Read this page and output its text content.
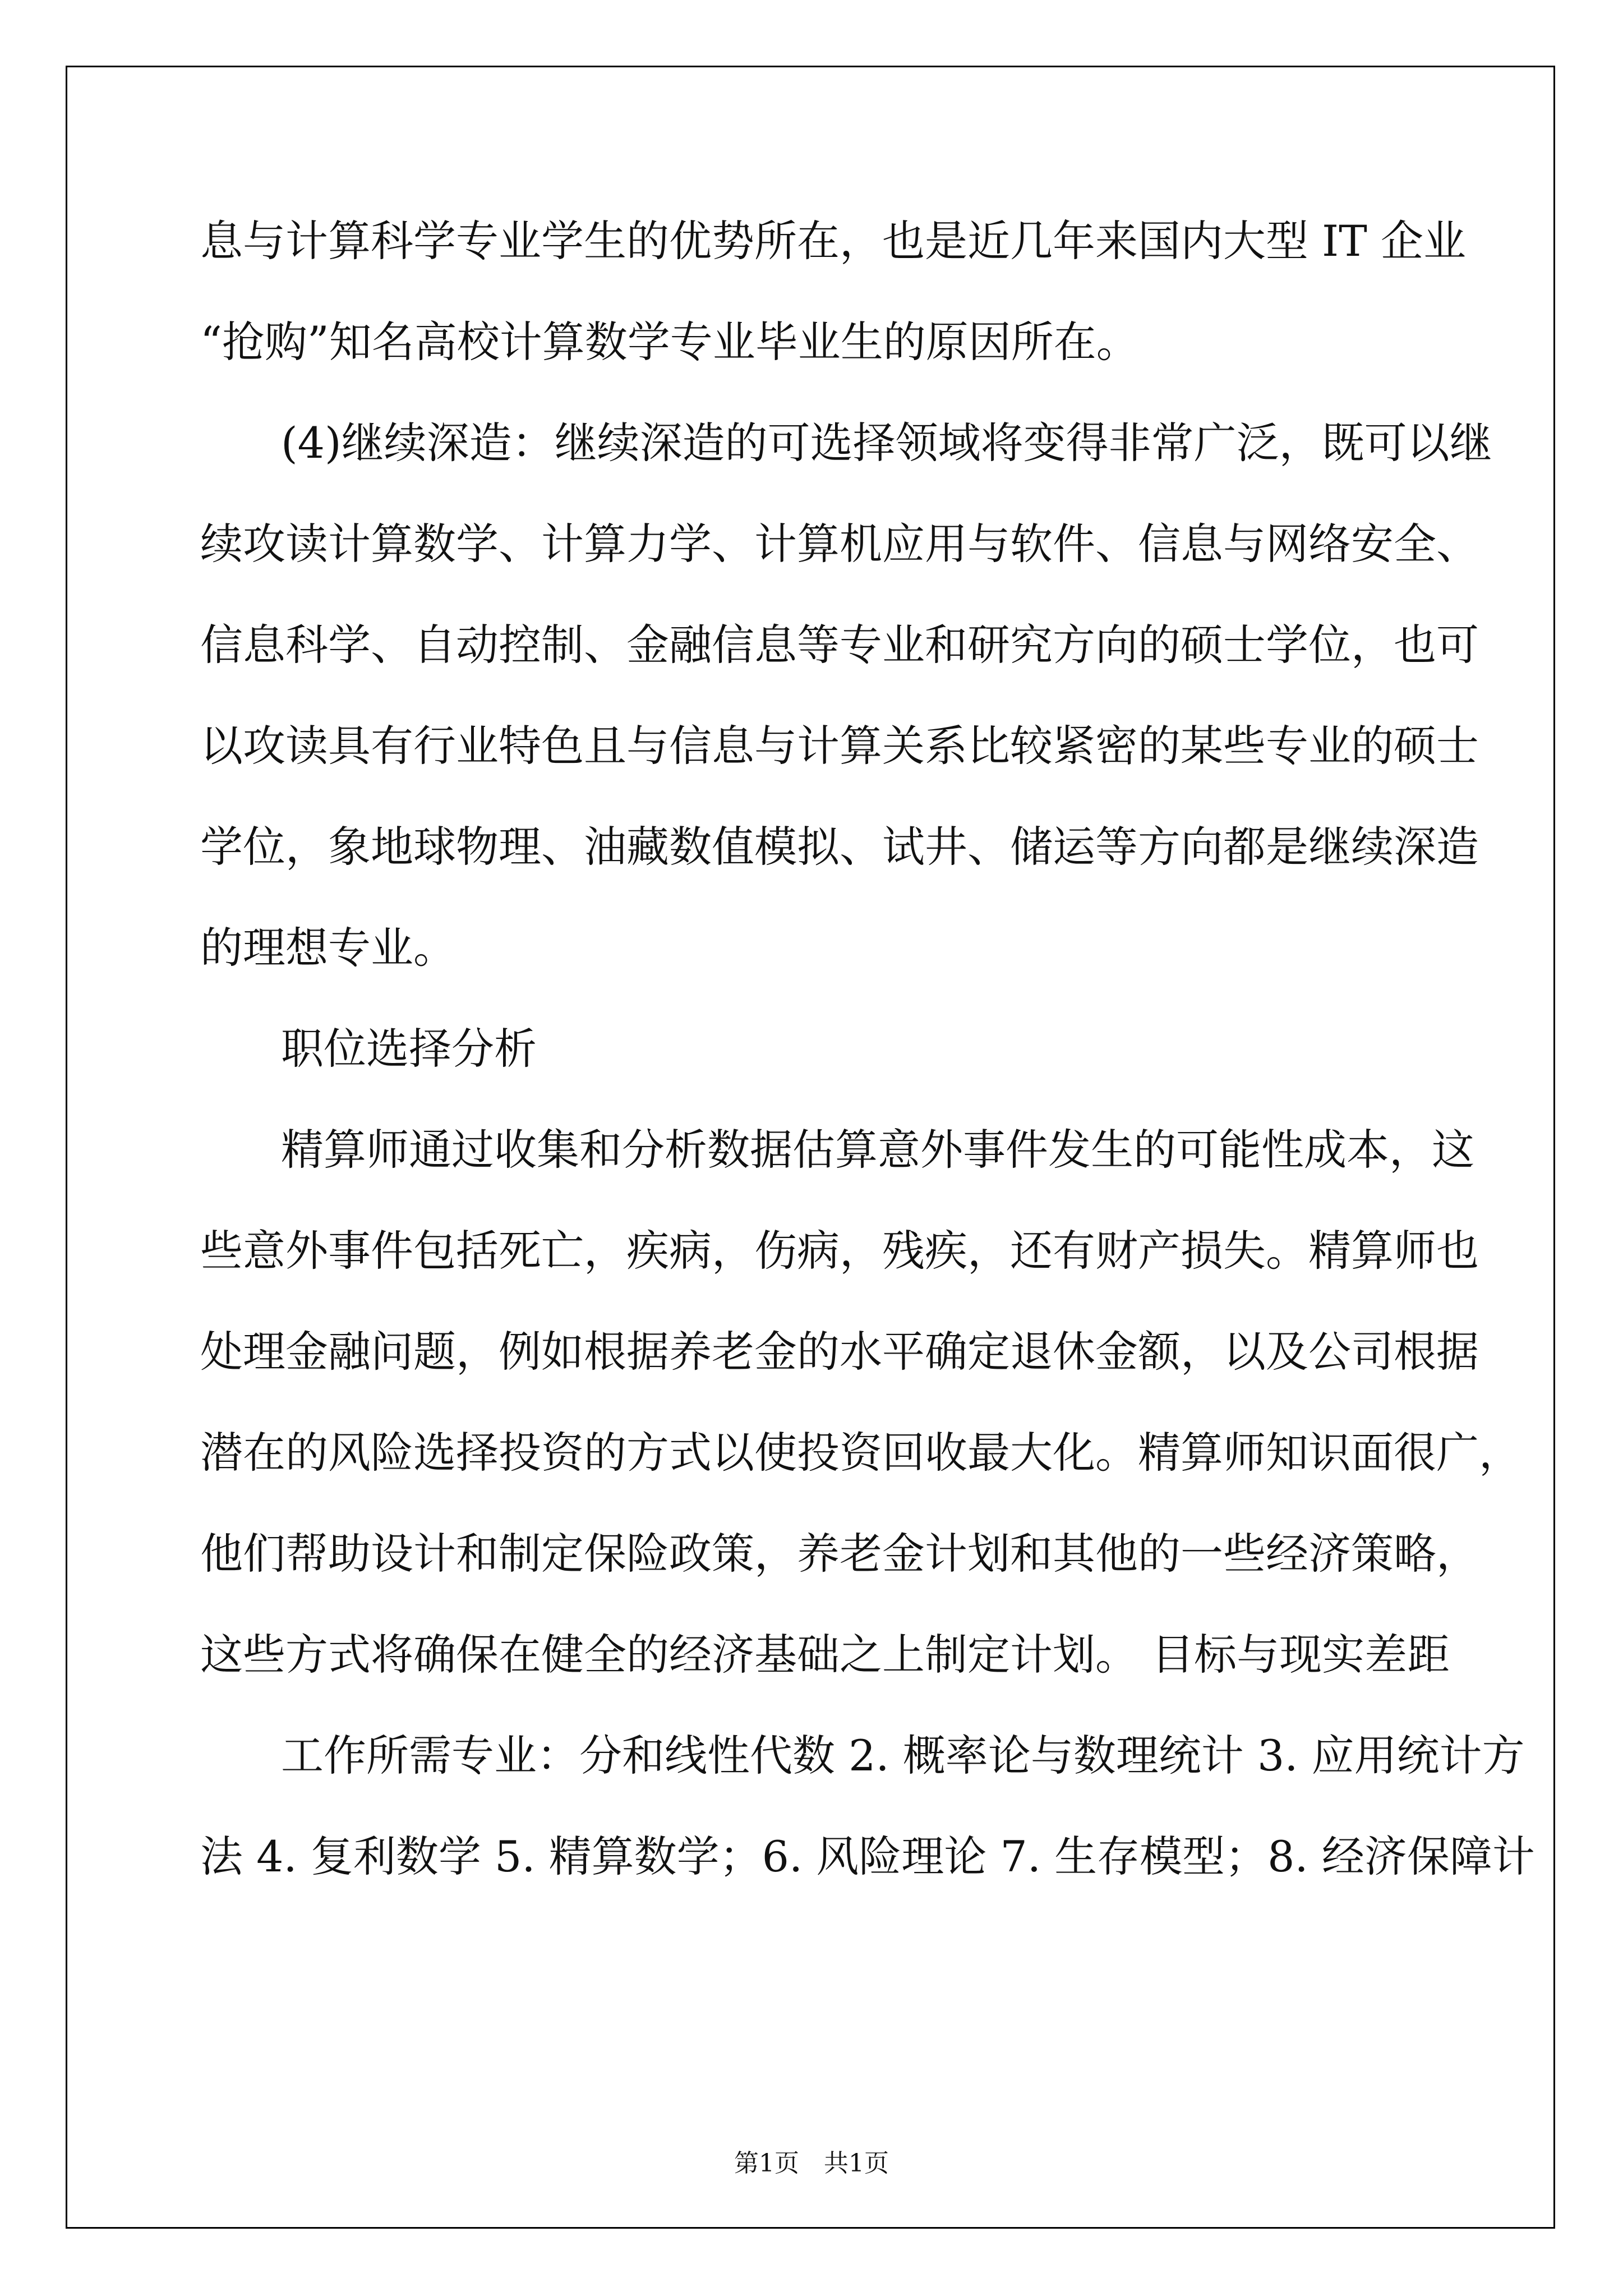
息与计算科学专业学生的优势所在，也是近几年来国内大型 IT 企业
“抢购”知名高校计算数学专业毕业生的原因所在。
(4)继续深造：继续深造的可选择领域将变得非常广泛，既可以继
续攻读计算数学、计算力学、计算机应用与软件、信息与网络安全、
信息科学、自动控制、金融信息等专业和研究方向的硕士学位，也可
以攻读具有行业特色且与信息与计算关系比较紧密的某些专业的硕士
学位，象地球物理、油藏数值模拟、试井、储运等方向都是继续深造
的理想专业。
职位选择分析
精算师通过收集和分析数据估算意外事件发生的可能性成本，这
些意外事件包括死亡，疾病，伤病，残疾，还有财产损失。精算师也
处理金融问题，例如根据养老金的水平确定退休金额，以及公司根据
潜在的风险选择投资的方式以使投资回收最大化。精算师知识面很广，
他们帮助设计和制定保险政策，养老金计划和其他的一些经济策略，
这些方式将确保在健全的经济基础之上制定计划。 目标与现实差距
工作所需专业：分和线性代数 2. 概率论与数理统计 3. 应用统计方
法 4. 复利数学 5. 精算数学；6. 风险理论 7. 生存模型；8. 经济保障计
第1页　共1页
